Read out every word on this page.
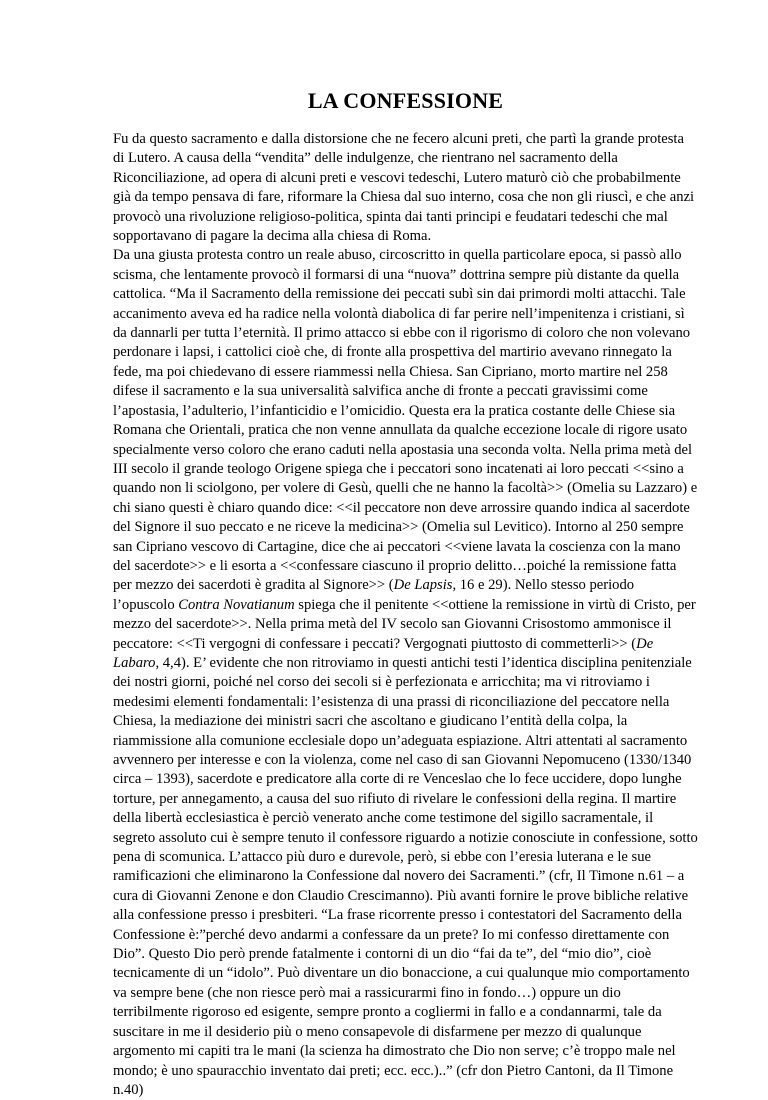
LA CONFESSIONE
Fu da questo sacramento e dalla distorsione che ne fecero alcuni preti, che partì la grande protesta di Lutero. A causa della “vendita” delle indulgenze, che rientrano nel sacramento della Riconciliazione, ad opera di alcuni preti e vescovi tedeschi, Lutero maturò ciò che probabilmente già da tempo pensava di fare, riformare la Chiesa dal suo interno, cosa che non gli riuscì, e che anzi provocò una rivoluzione religioso-politica, spinta dai tanti principi e feudatari tedeschi che mal sopportavano di pagare la decima alla chiesa di Roma.
Da una giusta protesta contro un reale abuso, circoscritto in quella particolare epoca, si passò allo scisma, che lentamente provocò il formarsi di una “nuova” dottrina sempre più distante da quella cattolica. “Ma il Sacramento della remissione dei peccati subì sin dai primordi molti attacchi. Tale accanimento aveva ed ha radice nella volontà diabolica di far perire nell’impenitenza i cristiani, sì da dannarli per tutta l’eternità. Il primo attacco si ebbe con il rigorismo di coloro che non volevano perdonare i lapsi, i cattolici cioè che, di fronte alla prospettiva del martirio avevano rinnegato la fede, ma poi chiedevano di essere riammessi nella Chiesa. San Cipriano, morto martire nel 258 difese il sacramento e la sua universalità salvifica anche di fronte a peccati gravissimi come l’apostasia, l’adulterio, l’infanticidio e l’omicidio. Questa era la pratica costante delle Chiese sia Romana che Orientali, pratica che non venne annullata da qualche eccezione locale di rigore usato specialmente verso coloro che erano caduti nella apostasia una seconda volta. Nella prima metà del III secolo il grande teologo Origene spiega che i peccatori sono incatenati ai loro peccati <<sino a quando non li sciolgono, per volere di Gesù, quelli che ne hanno la facoltà>> (Omelia su Lazzaro) e chi siano questi è chiaro quando dice: <<il peccatore non deve arrossire quando indica al sacerdote del Signore il suo peccato e ne riceve la medicina>> (Omelia sul Levitico). Intorno al 250 sempre san Cipriano vescovo di Cartagine, dice che ai peccatori <<viene lavata la coscienza con la mano del sacerdote>> e li esorta a <<confessare ciascuno il proprio delitto…poiché la remissione fatta per mezzo dei sacerdoti è gradita al Signore>> (De Lapsis, 16 e 29). Nello stesso periodo l’opuscolo Contra Novatianum spiega che il penitente <<ottiene la remissione in virtù di Cristo, per mezzo del sacerdote>>. Nella prima metà del IV secolo san Giovanni Crisostomo ammonisce il peccatore: <<Ti vergogni di confessare i peccati? Vergognati piuttosto di commetterli>> (De Labaro, 4,4). E’ evidente che non ritroviamo in questi antichi testi l’identica disciplina penitenziale dei nostri giorni, poiché nel corso dei secoli si è perfezionata e arricchita; ma vi ritroviamo i medesimi elementi fondamentali: l’esistenza di una prassi di riconciliazione del peccatore nella Chiesa, la mediazione dei ministri sacri che ascoltano e giudicano l’entità della colpa, la riammissione alla comunione ecclesiale dopo un’adeguata espiazione. Altri attentati al sacramento avvennero per interesse e con la violenza, come nel caso di san Giovanni Nepomuceno (1330/1340 circa – 1393), sacerdote e predicatore alla corte di re Venceslao che lo fece uccidere, dopo lunghe torture, per annegamento, a causa del suo rifiuto di rivelare le confessioni della regina. Il martire della libertà ecclesiastica è perciò venerato anche come testimone del sigillo sacramentale, il segreto assoluto cui è sempre tenuto il confessore riguardo a notizie conosciute in confessione, sotto pena di scomunica. L’attacco più duro e durevole, però, si ebbe con l’eresia luterana e le sue ramificazioni che eliminarono la Confessione dal novero dei Sacramenti.” (cfr, Il Timone n.61 – a cura di Giovanni Zenone e don Claudio Crescimanno). Più avanti fornire le prove bibliche relative alla confessione presso i presbiteri. “La frase ricorrente presso i contestatori del Sacramento della Confessione è:”perché devo andarmi a confessare da un prete? Io mi confesso direttamente con Dio”. Questo Dio però prende fatalmente i contorni di un dio “fai da te”, del “mio dio”, cioè tecnicamente di un “idolo”. Può diventare un dio bonaccione, a cui qualunque mio comportamento va sempre bene (che non riesce però mai a rassicurarmi fino in fondo…) oppure un dio terribilmente rigoroso ed esigente, sempre pronto a cogliermi in fallo e a condannarmi, tale da suscitare in me il desiderio più o meno consapevole di disfarmene per mezzo di qualunque argomento mi capiti tra le mani (la scienza ha dimostrato che Dio non serve; c’è troppo male nel mondo; è uno spauracchio inventato dai preti; ecc. ecc.)..” (cfr don Pietro Cantoni, da Il Timone n.40)
